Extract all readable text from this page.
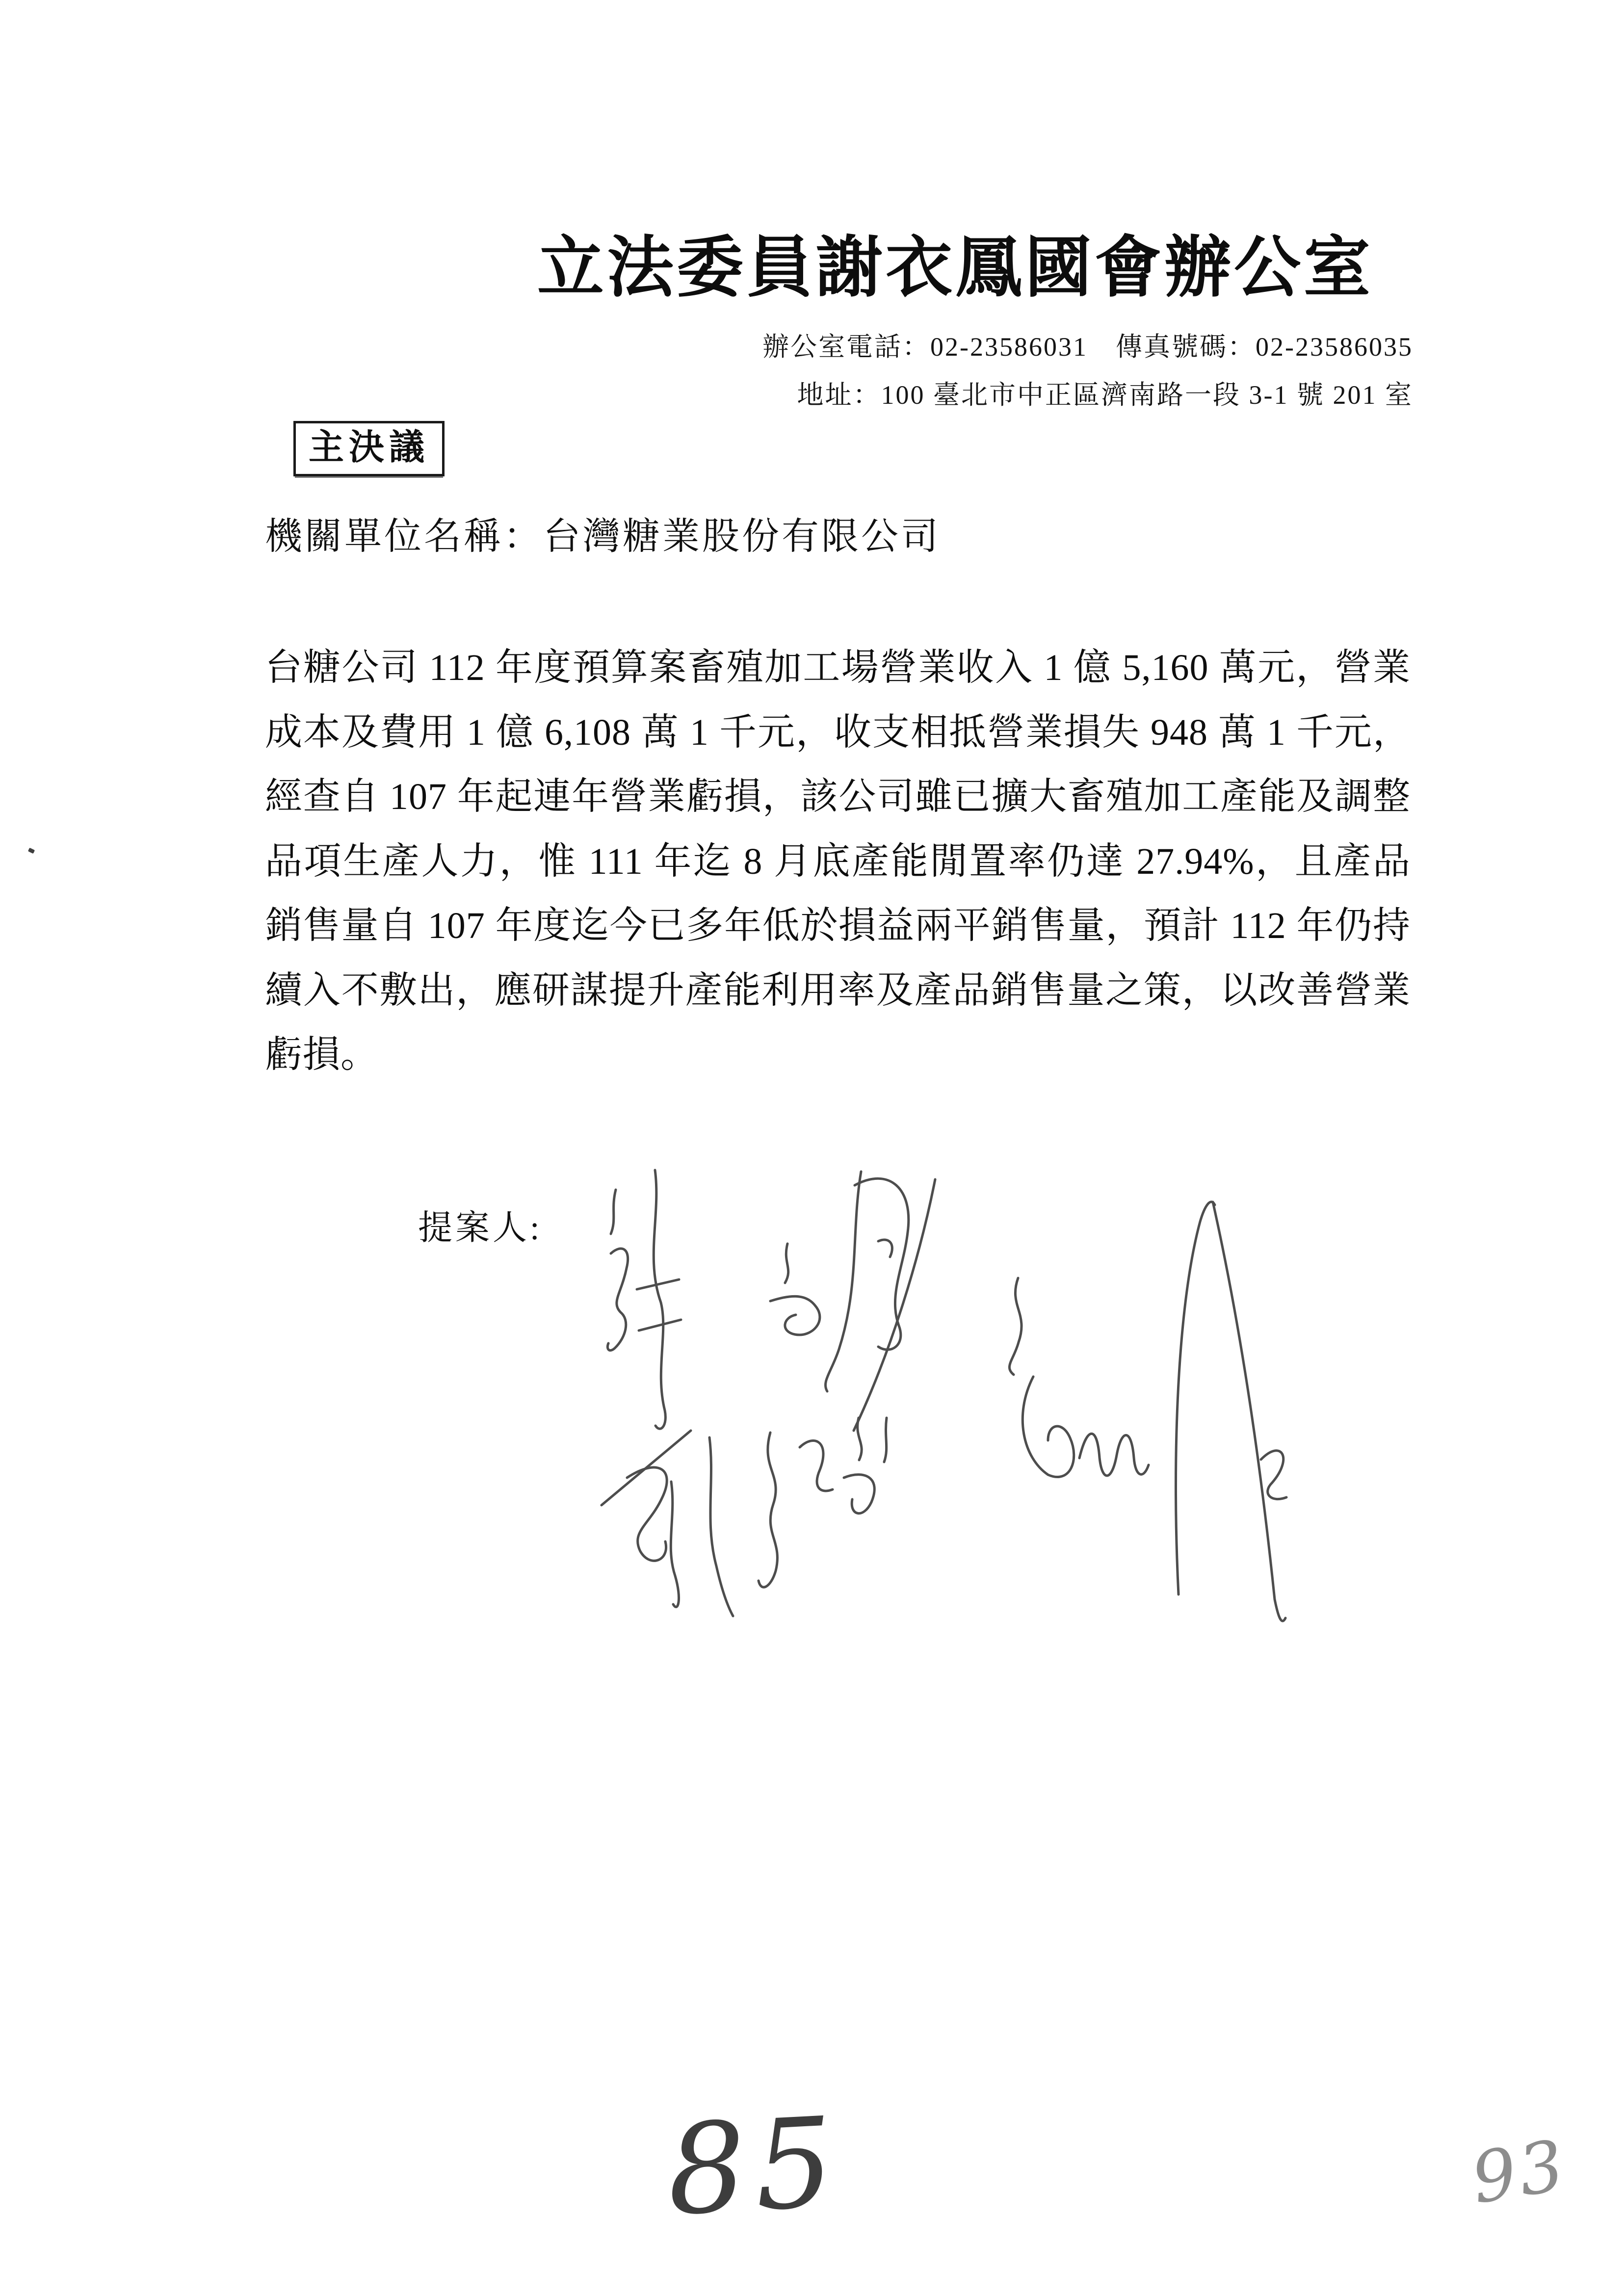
立法委員謝衣鳳國會辦公室
辦公室電話：02-23586031　傳真號碼：02-23586035
地址：100 臺北市中正區濟南路一段 3-1 號 201 室
主決議
機關單位名稱：台灣糖業股份有限公司
台糖公司 112 年度預算案畜殖加工場營業收入 1 億 5,160 萬元，營業
成本及費用 1 億 6,108 萬 1 千元，收支相抵營業損失 948 萬 1 千元，
經查自 107 年起連年營業虧損，該公司雖已擴大畜殖加工產能及調整
品項生產人力，惟 111 年迄 8 月底產能閒置率仍達 27.94%，且產品
銷售量自 107 年度迄今已多年低於損益兩平銷售量，預計 112 年仍持
續入不敷出，應研謀提升產能利用率及產品銷售量之策，以改善營業
虧損。
提案人:
85	93
